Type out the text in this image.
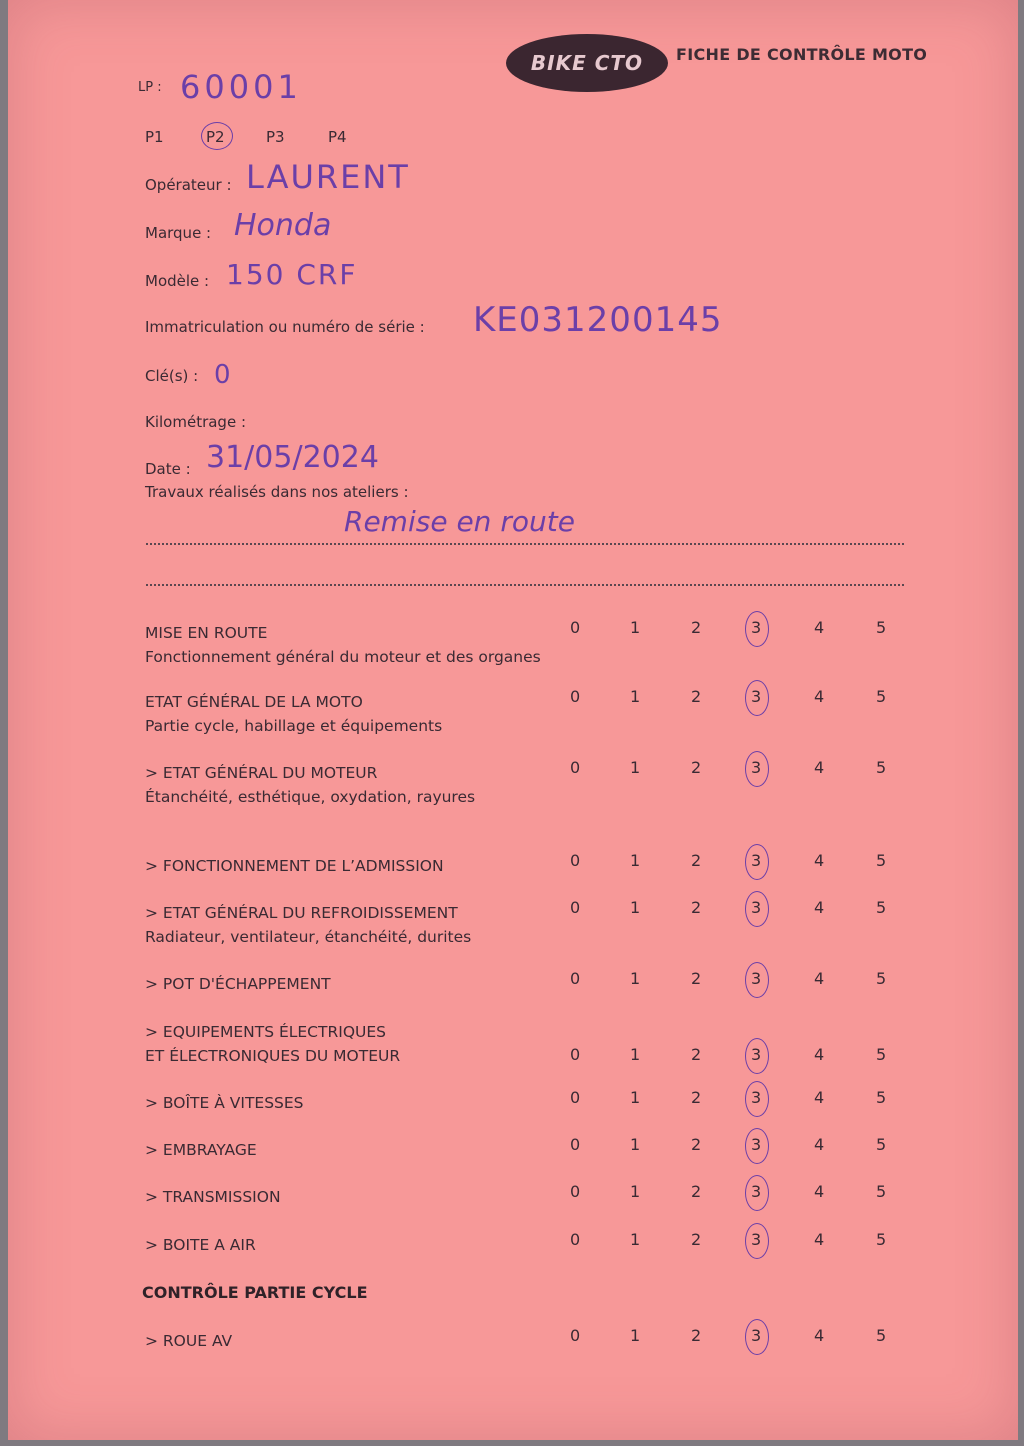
BIKE CTO FICHE DE CONTRÔLE MOTO
LP : 60001
P1	P2	P3	P4
Opérateur : LAURENT
Marque : Honda
Modèle : 150 CRF
Immatriculation ou numéro de série : KE031200145
Clé(s) : 0
Kilométrage :
Date : 31/05/2024
Travaux réalisés dans nos ateliers :
Remise en route
MISE EN ROUTE
Fonctionnement général du moteur et des organes
0	1	2	3	4	5
ETAT GÉNÉRAL DE LA MOTO
Partie cycle, habillage et équipements
0	1	2	3	4	5
> ETAT GÉNÉRAL DU MOTEUR
Étanchéité, esthétique, oxydation, rayures
0	1	2	3	4	5
> FONCTIONNEMENT DE L’ADMISSION	0	1	2	3	4	5
> ETAT GÉNÉRAL DU REFROIDISSEMENT
Radiateur, ventilateur, étanchéité, durites
0	1	2	3	4	5
> POT D'ÉCHAPPEMENT	0	1	2	3	4	5
> EQUIPEMENTS ÉLECTRIQUES
ET ÉLECTRONIQUES DU MOTEUR	0	1	2	3	4	5
> BOÎTE À VITESSES	0	1	2	3	4	5
> EMBRAYAGE	0	1	2	3	4	5
> TRANSMISSION	0	1	2	3	4	5
> BOITE A AIR	0	1	2	3	4	5
CONTRÔLE PARTIE CYCLE
> ROUE AV	0	1	2	3	4	5
